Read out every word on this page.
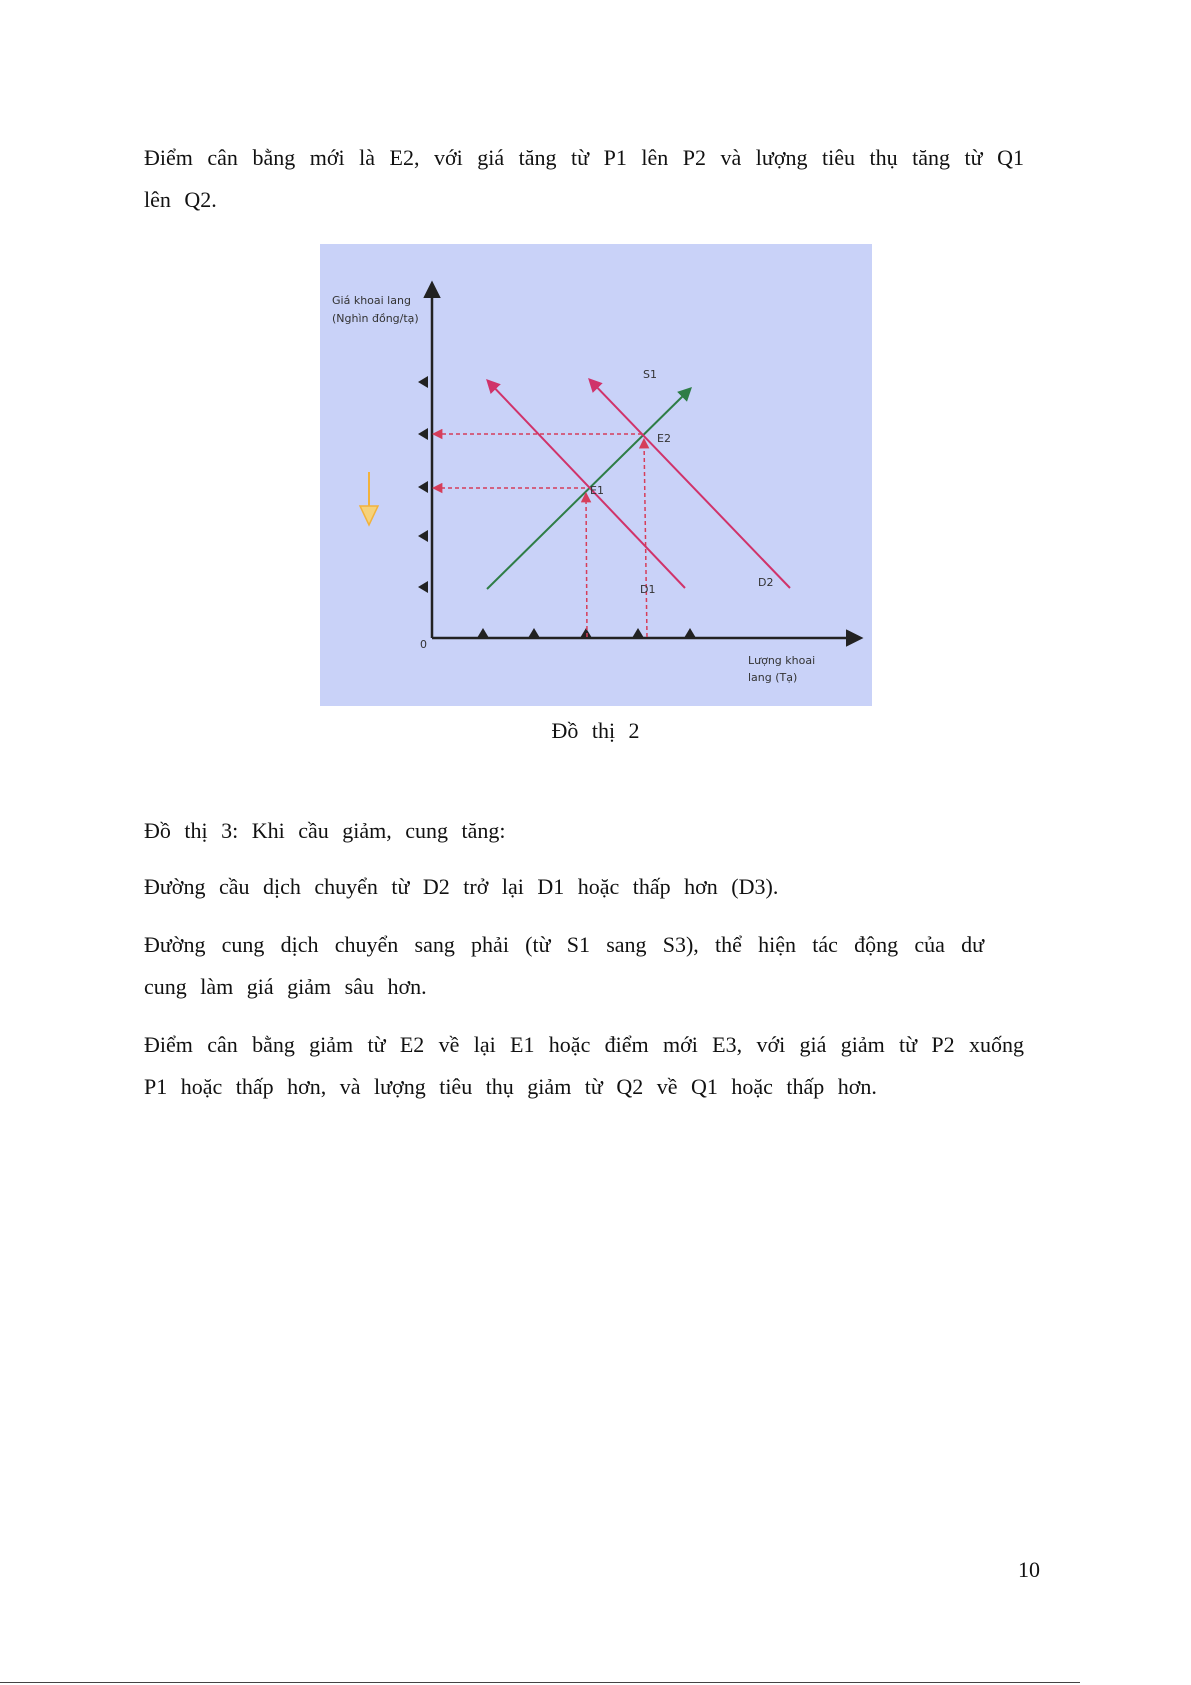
Điểm cân bằng mới là E2, với giá tăng từ P1 lên P2 và lượng tiêu thụ tăng từ Q1 lên Q2.

Giá khoai lang
(Nghìn đồng/tạ)
Lượng khoai
lang (Tạ)
0
S1
D1
D2
E1
E2

Đồ thị 2

Đồ thị 3: Khi cầu giảm, cung tăng:

Đường cầu dịch chuyển từ D2 trở lại D1 hoặc thấp hơn (D3).

Đường cung dịch chuyển sang phải (từ S1 sang S3), thể hiện tác động của dư cung làm giá giảm sâu hơn.

Điểm cân bằng giảm từ E2 về lại E1 hoặc điểm mới E3, với giá giảm từ P2 xuống P1 hoặc thấp hơn, và lượng tiêu thụ giảm từ Q2 về Q1 hoặc thấp hơn.

10
